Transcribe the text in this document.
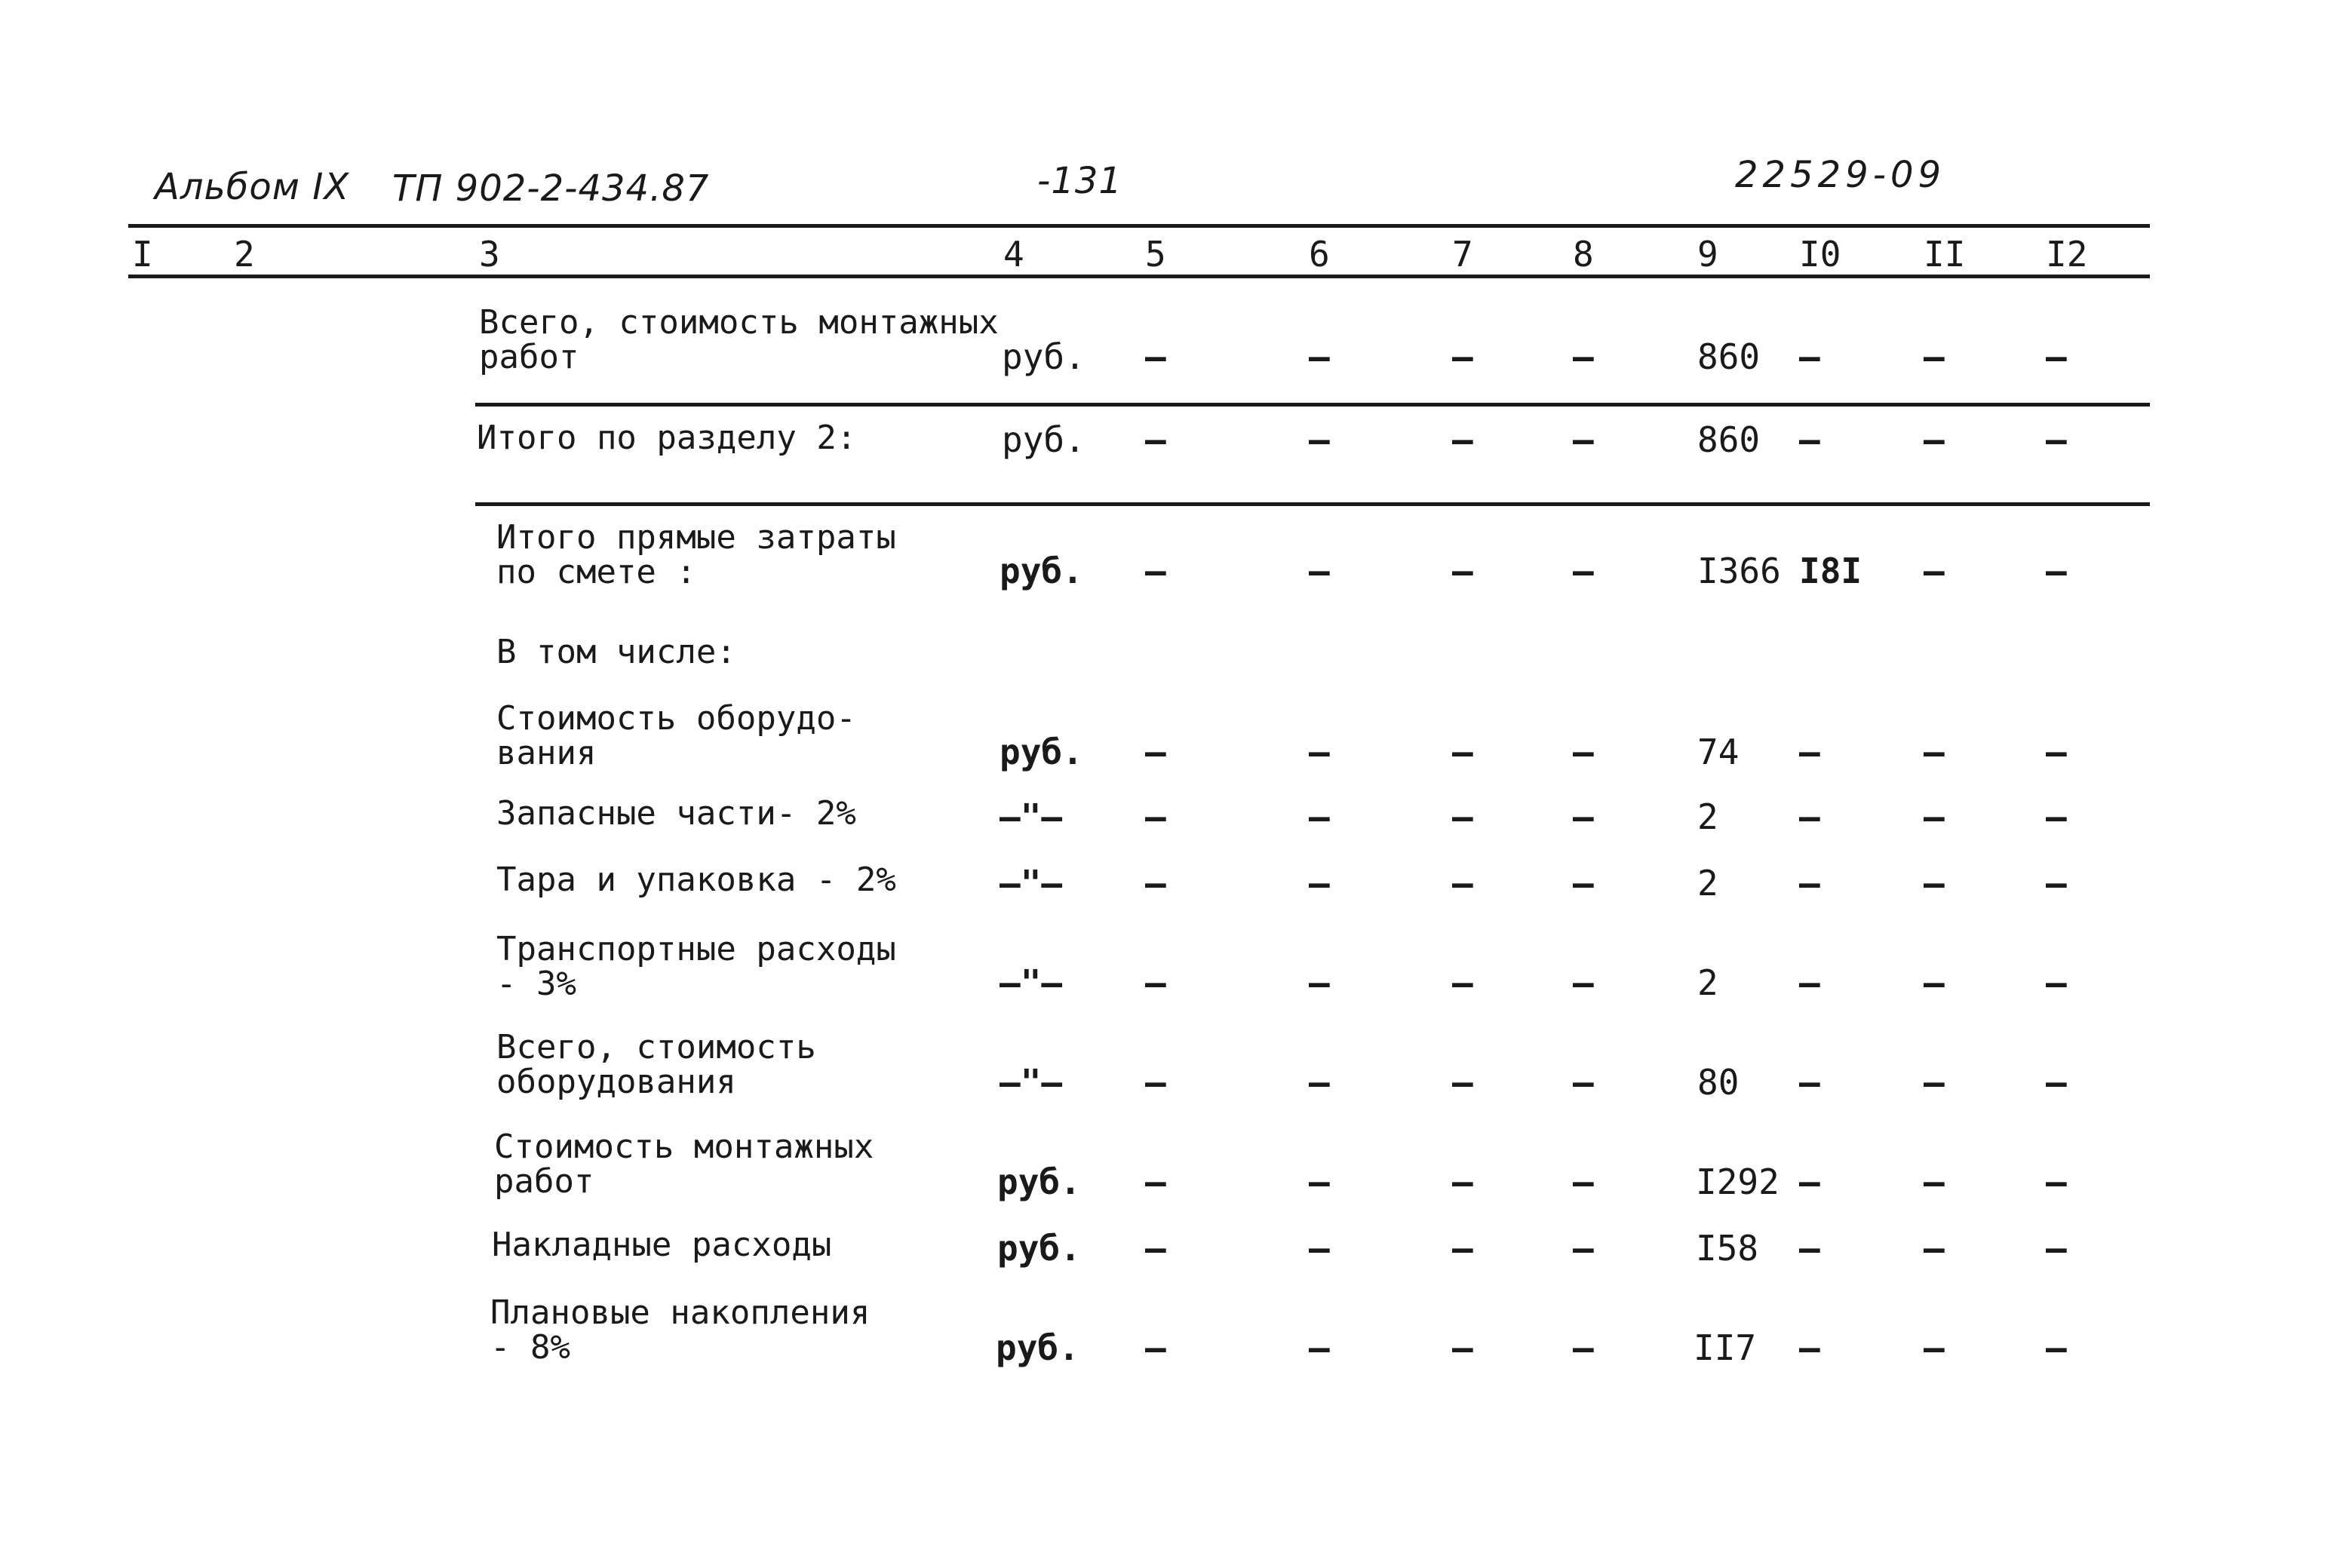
Альбом IX ТП 902-2-434.87	-131	22529-09
I 2	3	4	5	6	7	8	9 I0 II I2
Всего, стоимость монтажных
работ	руб. –	–	–	–	860 –	–	–
Итого по разделу 2:	руб. –	–	–	–	860 –	–	–
Итого прямые затраты
по смете :	руб. –	–	–	–	I366 I8I –	–
В том числе:
Стоимость оборудо-
вания	руб. –	–	–	–	74 –	–	–
Запасные части- 2%	–"– –	–	–	–	2 –	–	–
Тара и упаковка - 2%	–"– –	–	–	–	2 –	–	–
Транспортные расходы
- 3%	–"– –	–	–	–	2 –	–	–
Всего, стоимость
оборудования	–"– –	–	–	–	80 –	–	–
Стоимость монтажных
работ	руб. –	–	–	–	I292 –	–	–
Накладные расходы	руб. –	–	–	–	I58 –	–	–
Плановые накопления
- 8%	руб. –	–	–	–	II7 –	–	–
